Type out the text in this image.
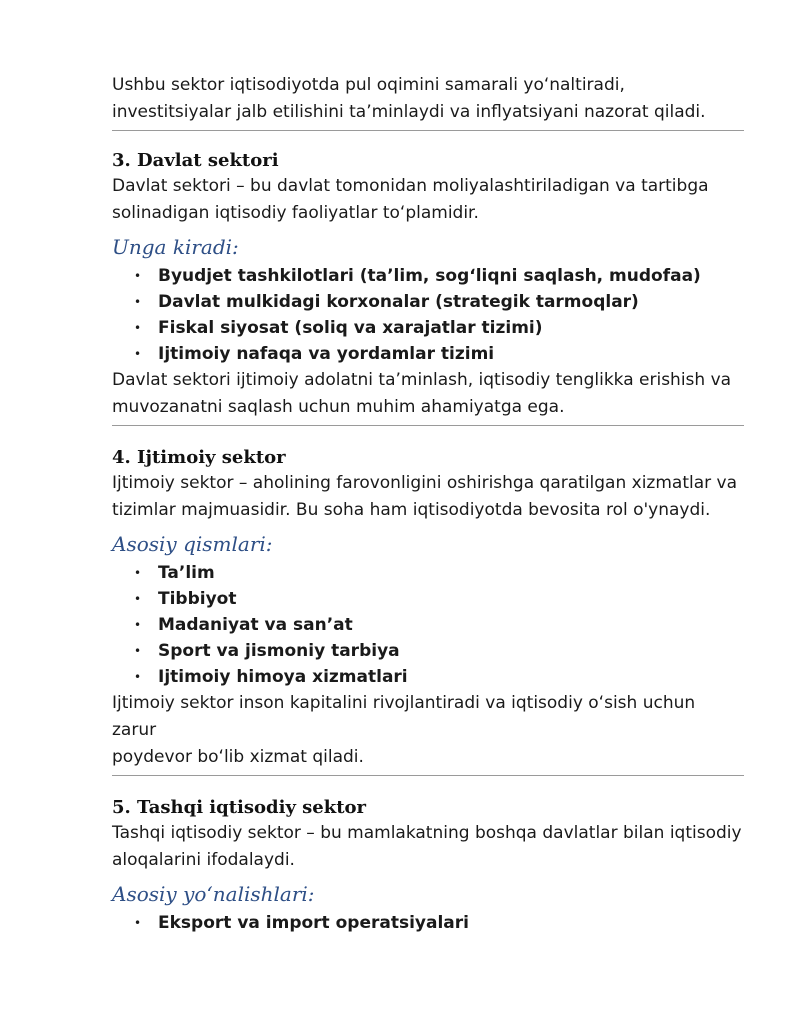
Ushbu sektor iqtisodiyotda pul oqimini samarali yoʻnaltiradi,
investitsiyalar jalb etilishini ta’minlaydi va inflyatsiyani nazorat qiladi.

3. Davlat sektori

Davlat sektori – bu davlat tomonidan moliyalashtiriladigan va tartibga
solinadigan iqtisodiy faoliyatlar toʻplamidir.

Unga kiradi:
• Byudjet tashkilotlari (ta’lim, sogʻliqni saqlash, mudofaa)
• Davlat mulkidagi korxonalar (strategik tarmoqlar)
• Fiskal siyosat (soliq va xarajatlar tizimi)
• Ijtimoiy nafaqa va yordamlar tizimi

Davlat sektori ijtimoiy adolatni ta’minlash, iqtisodiy tenglikka erishish va
muvozanatni saqlash uchun muhim ahamiyatga ega.

4. Ijtimoiy sektor

Ijtimoiy sektor – aholining farovonligini oshirishga qaratilgan xizmatlar va
tizimlar majmuasidir. Bu soha ham iqtisodiyotda bevosita rol o'ynaydi.

Asosiy qismlari:
• Ta’lim
• Tibbiyot
• Madaniyat va san’at
• Sport va jismoniy tarbiya
• Ijtimoiy himoya xizmatlari

Ijtimoiy sektor inson kapitalini rivojlantiradi va iqtisodiy oʻsish uchun zarur
poydevor boʻlib xizmat qiladi.

5. Tashqi iqtisodiy sektor

Tashqi iqtisodiy sektor – bu mamlakatning boshqa davlatlar bilan iqtisodiy
aloqalarini ifodalaydi.

Asosiy yoʻnalishlari:
• Eksport va import operatsiyalari
